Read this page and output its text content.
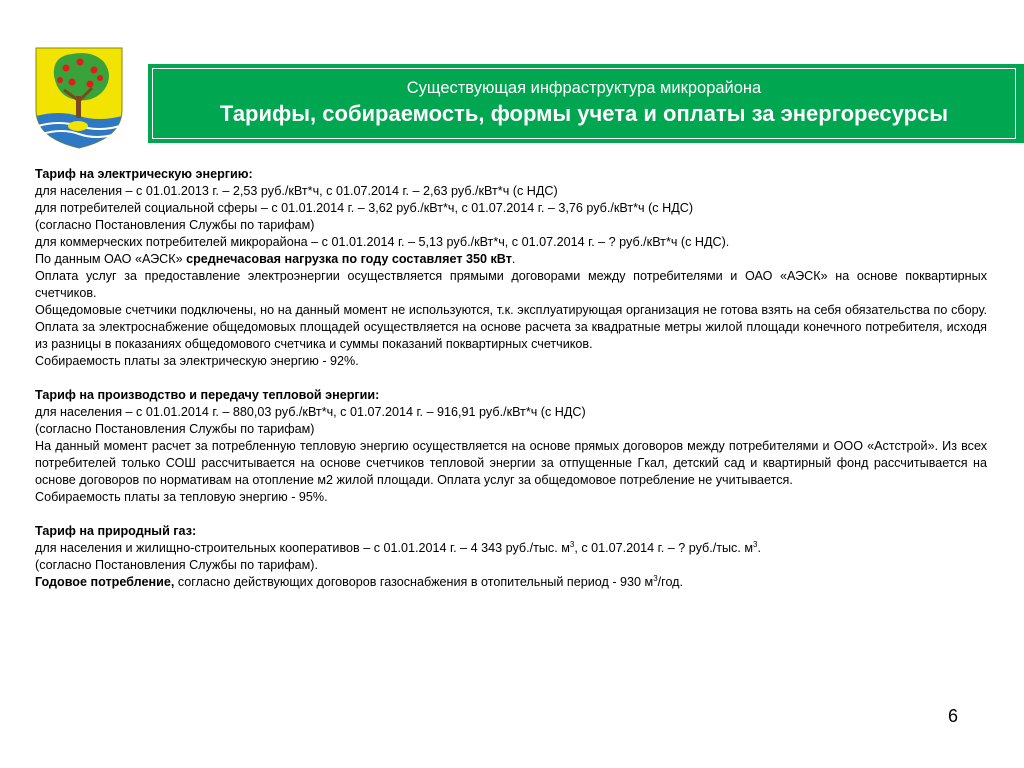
Существующая инфраструктура микрорайона
Тарифы, собираемость, формы учета и оплаты за энергоресурсы
Тариф на электрическую энергию:
для населения – с 01.01.2013 г. – 2,53 руб./кВт*ч, с 01.07.2014 г. – 2,63 руб./кВт*ч (с НДС)
для потребителей социальной сферы – с 01.01.2014 г. – 3,62 руб./кВт*ч, с 01.07.2014 г. – 3,76 руб./кВт*ч (с НДС)
(согласно Постановления Службы по тарифам)
для коммерческих потребителей микрорайона – с 01.01.2014 г. – 5,13 руб./кВт*ч, с 01.07.2014 г. – ? руб./кВт*ч (с НДС).
По данным ОАО «АЭСК» среднечасовая нагрузка по году составляет 350 кВт.
Оплата услуг за предоставление электроэнергии осуществляется прямыми договорами между потребителями и ОАО «АЭСК» на основе поквартирных счетчиков.
Общедомовые счетчики подключены, но на данный момент не используются, т.к. эксплуатирующая организация не готова взять на себя обязательства по сбору. Оплата за электроснабжение общедомовых площадей осуществляется на основе расчета за квадратные метры жилой площади конечного потребителя, исходя из разницы в показаниях общедомового счетчика и суммы показаний поквартирных счетчиков.
Собираемость платы за электрическую энергию - 92%.
Тариф на производство и передачу тепловой энергии:
для населения – с 01.01.2014 г. – 880,03 руб./кВт*ч, с 01.07.2014 г. – 916,91 руб./кВт*ч (с НДС)
(согласно Постановления Службы по тарифам)
На данный момент расчет за потребленную тепловую энергию осуществляется на основе прямых договоров между потребителями и ООО «Астстрой». Из всех потребителей только СОШ рассчитывается на основе счетчиков тепловой энергии за отпущенные Гкал, детский сад и квартирный фонд рассчитывается на основе договоров по нормативам на отопление м2 жилой площади. Оплата услуг за общедомовое потребление не учитывается.
Собираемость платы за тепловую энергию - 95%.
Тариф на природный газ:
для населения и жилищно-строительных кооперативов – с 01.01.2014 г. – 4 343 руб./тыс. $м^3$, с 01.07.2014 г. – ? руб./тыс. $м^3$.
(согласно Постановления Службы по тарифам).
Годовое потребление, согласно действующих договоров газоснабжения в отопительный период - 930 $м^3$/год.
6
